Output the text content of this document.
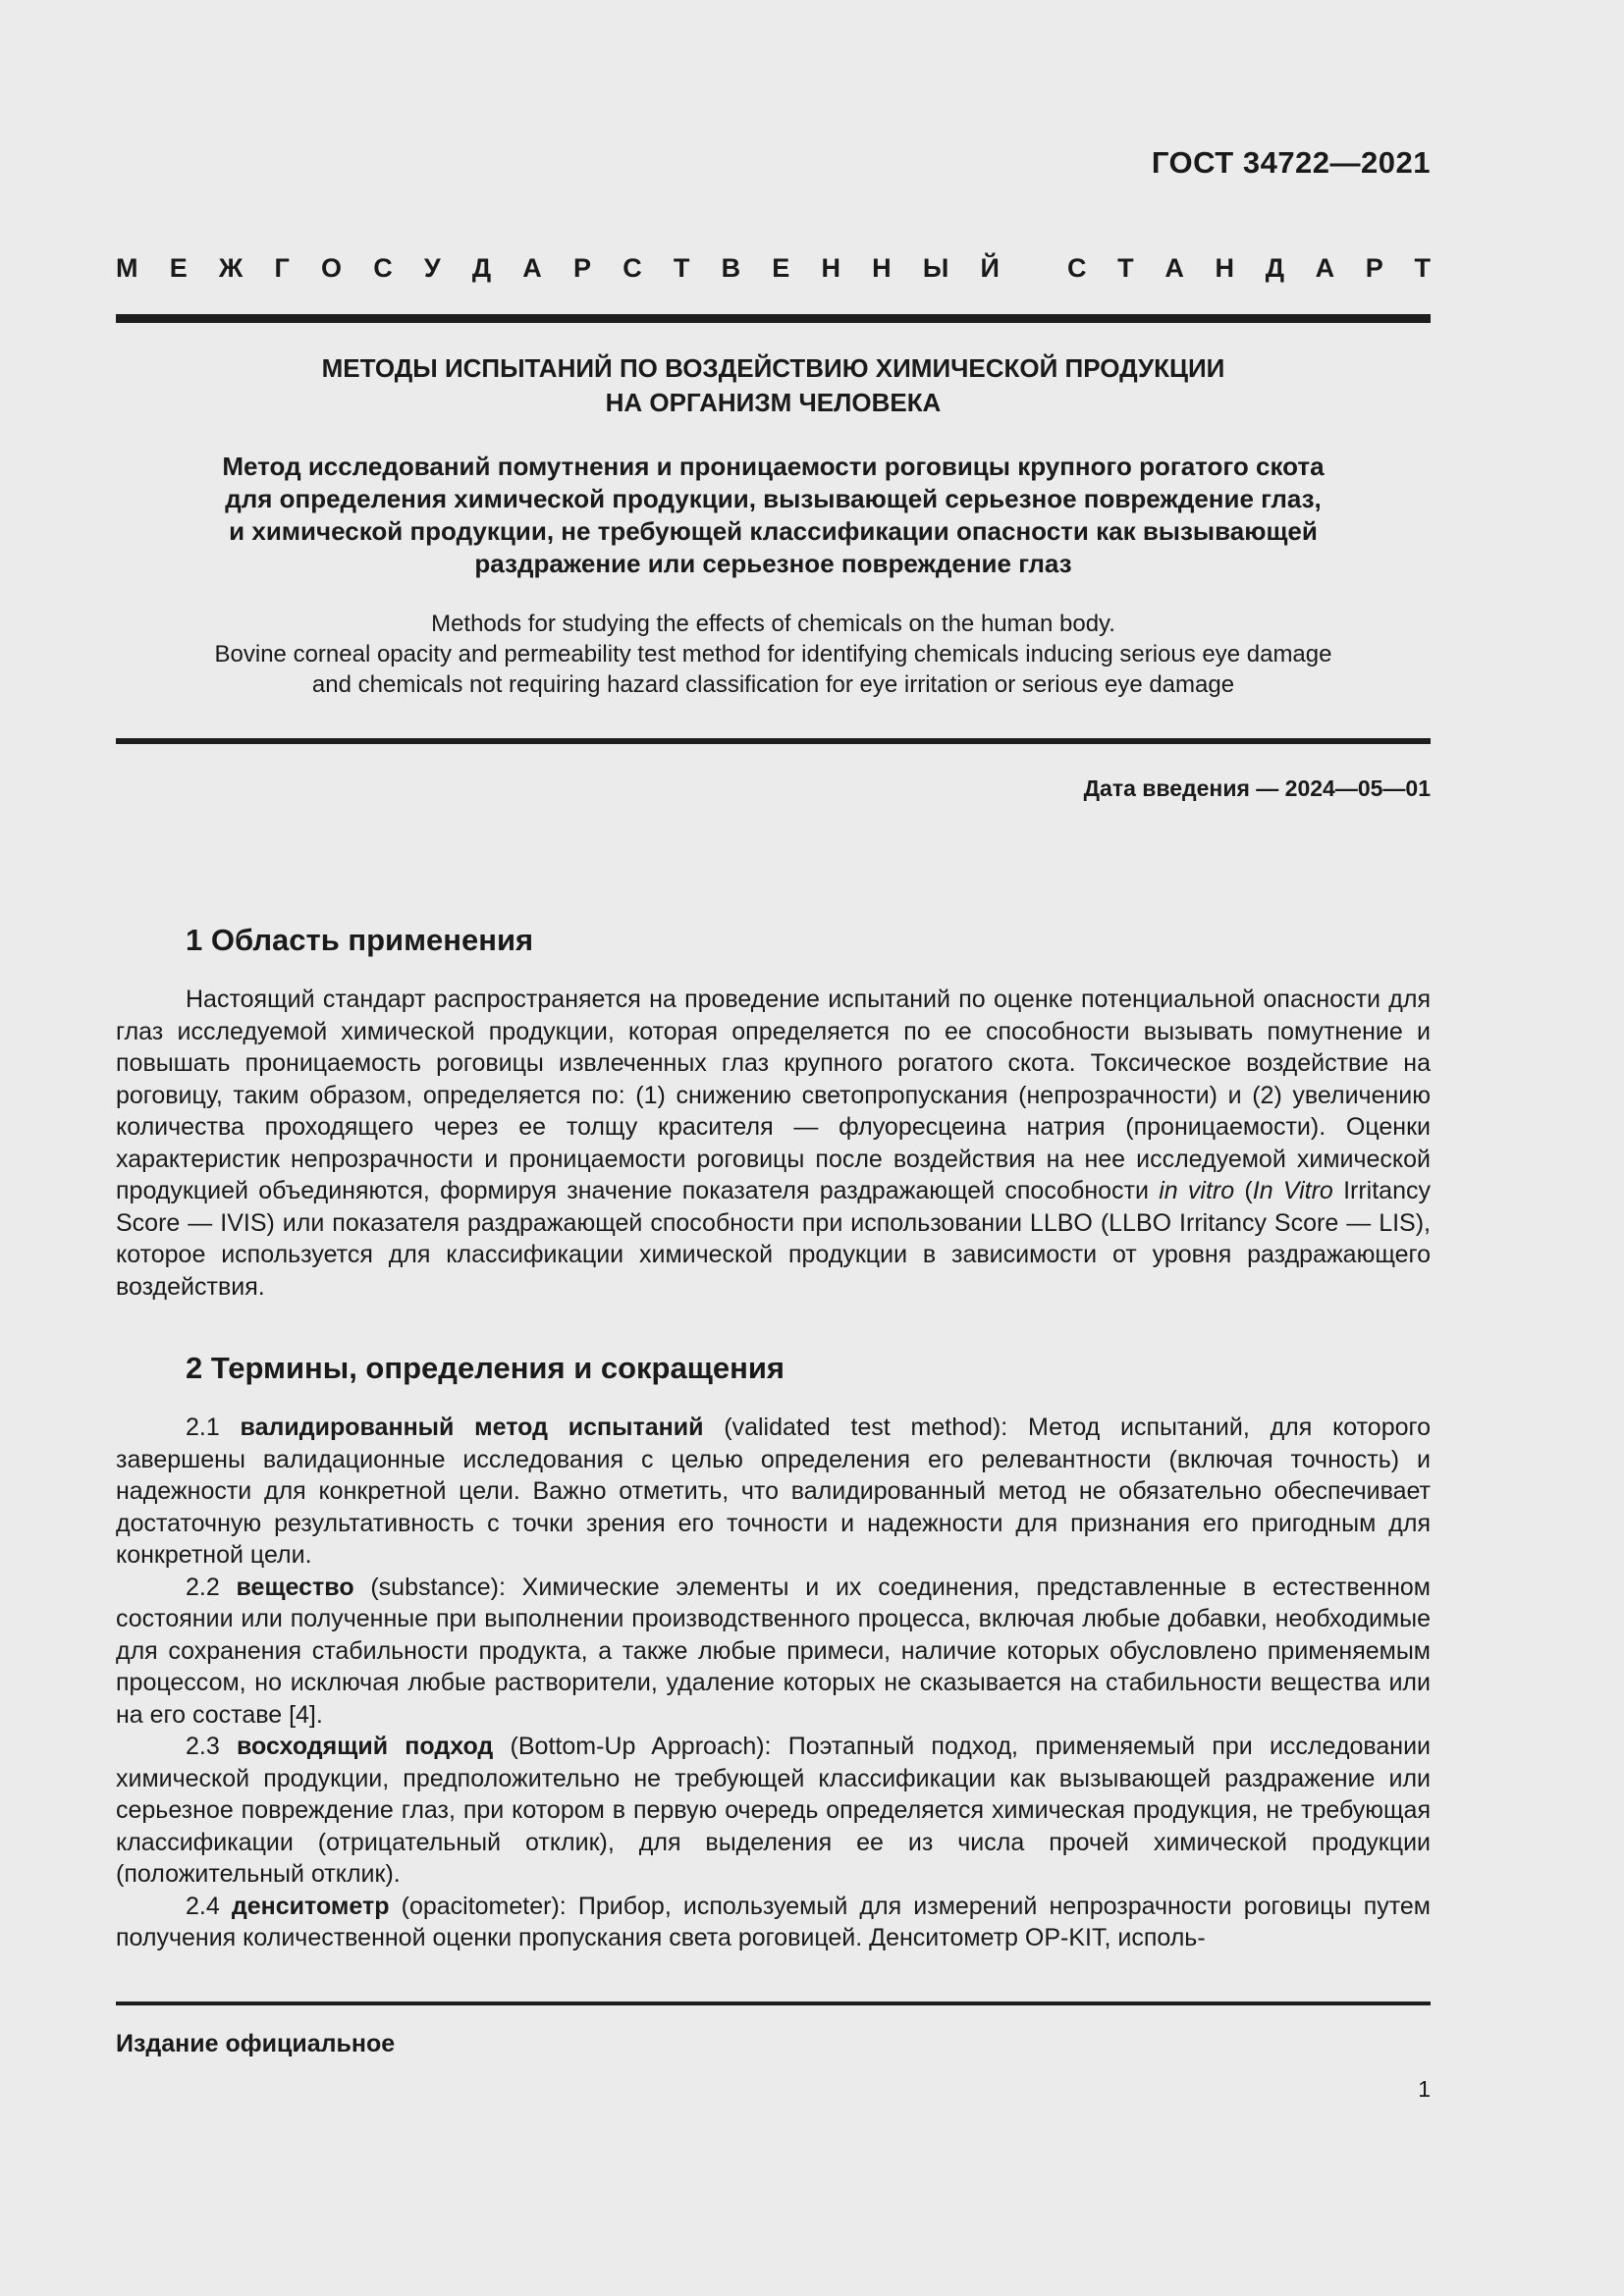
ГОСТ 34722—2021
М Е Ж Г О С У Д А Р С Т В Е Н Н Ы Й	С Т А Н Д А Р Т
МЕТОДЫ ИСПЫТАНИЙ ПО ВОЗДЕЙСТВИЮ ХИМИЧЕСКОЙ ПРОДУКЦИИ
НА ОРГАНИЗМ ЧЕЛОВЕКА
Метод исследований помутнения и проницаемости роговицы крупного рогатого скота
для определения химической продукции, вызывающей серьезное повреждение глаз,
и химической продукции, не требующей классификации опасности как вызывающей
раздражение или серьезное повреждение глаз
Methods for studying the effects of chemicals on the human body.
Bovine corneal opacity and permeability test method for identifying chemicals inducing serious eye damage
and chemicals not requiring hazard classification for eye irritation or serious eye damage
Дата введения — 2024—05—01
1 Область применения

Настоящий стандарт распространяется на проведение испытаний по оценке потенциальной опасности для глаз исследуемой химической продукции, которая определяется по ее способности вызывать помутнение и повышать проницаемость роговицы извлеченных глаз крупного рогатого скота. Токсическое воздействие на роговицу, таким образом, определяется по: (1) снижению светопропускания (непрозрачности) и (2) увеличению количества проходящего через ее толщу красителя — флуоресцеина натрия (проницаемости). Оценки характеристик непрозрачности и проницаемости роговицы после воздействия на нее исследуемой химической продукцией объединяются, формируя значение показателя раздражающей способности in vitro (In Vitro Irritancy Score — IVIS) или показателя раздражающей способности при использовании LLBO (LLBO Irritancy Score — LIS), которое используется для классификации химической продукции в зависимости от уровня раздражающего воздействия.

2 Термины, определения и сокращения

2.1 валидированный метод испытаний (validated test method): Метод испытаний, для которого завершены валидационные исследования с целью определения его релевантности (включая точность) и надежности для конкретной цели. Важно отметить, что валидированный метод не обязательно обеспечивает достаточную результативность с точки зрения его точности и надежности для признания его пригодным для конкретной цели.

2.2 вещество (substance): Химические элементы и их соединения, представленные в естественном состоянии или полученные при выполнении производственного процесса, включая любые добавки, необходимые для сохранения стабильности продукта, а также любые примеси, наличие которых обусловлено применяемым процессом, но исключая любые растворители, удаление которых не сказывается на стабильности вещества или на его составе [4].

2.3 восходящий подход (Bottom-Up Approach): Поэтапный подход, применяемый при исследовании химической продукции, предположительно не требующей классификации как вызывающей раздражение или серьезное повреждение глаз, при котором в первую очередь определяется химическая продукция, не требующая классификации (отрицательный отклик), для выделения ее из числа прочей химической продукции (положительный отклик).

2.4 денситометр (opacitometer): Прибор, используемый для измерений непрозрачности роговицы путем получения количественной оценки пропускания света роговицей. Денситометр OP-KIT, исполь-

Издание официальное
1
